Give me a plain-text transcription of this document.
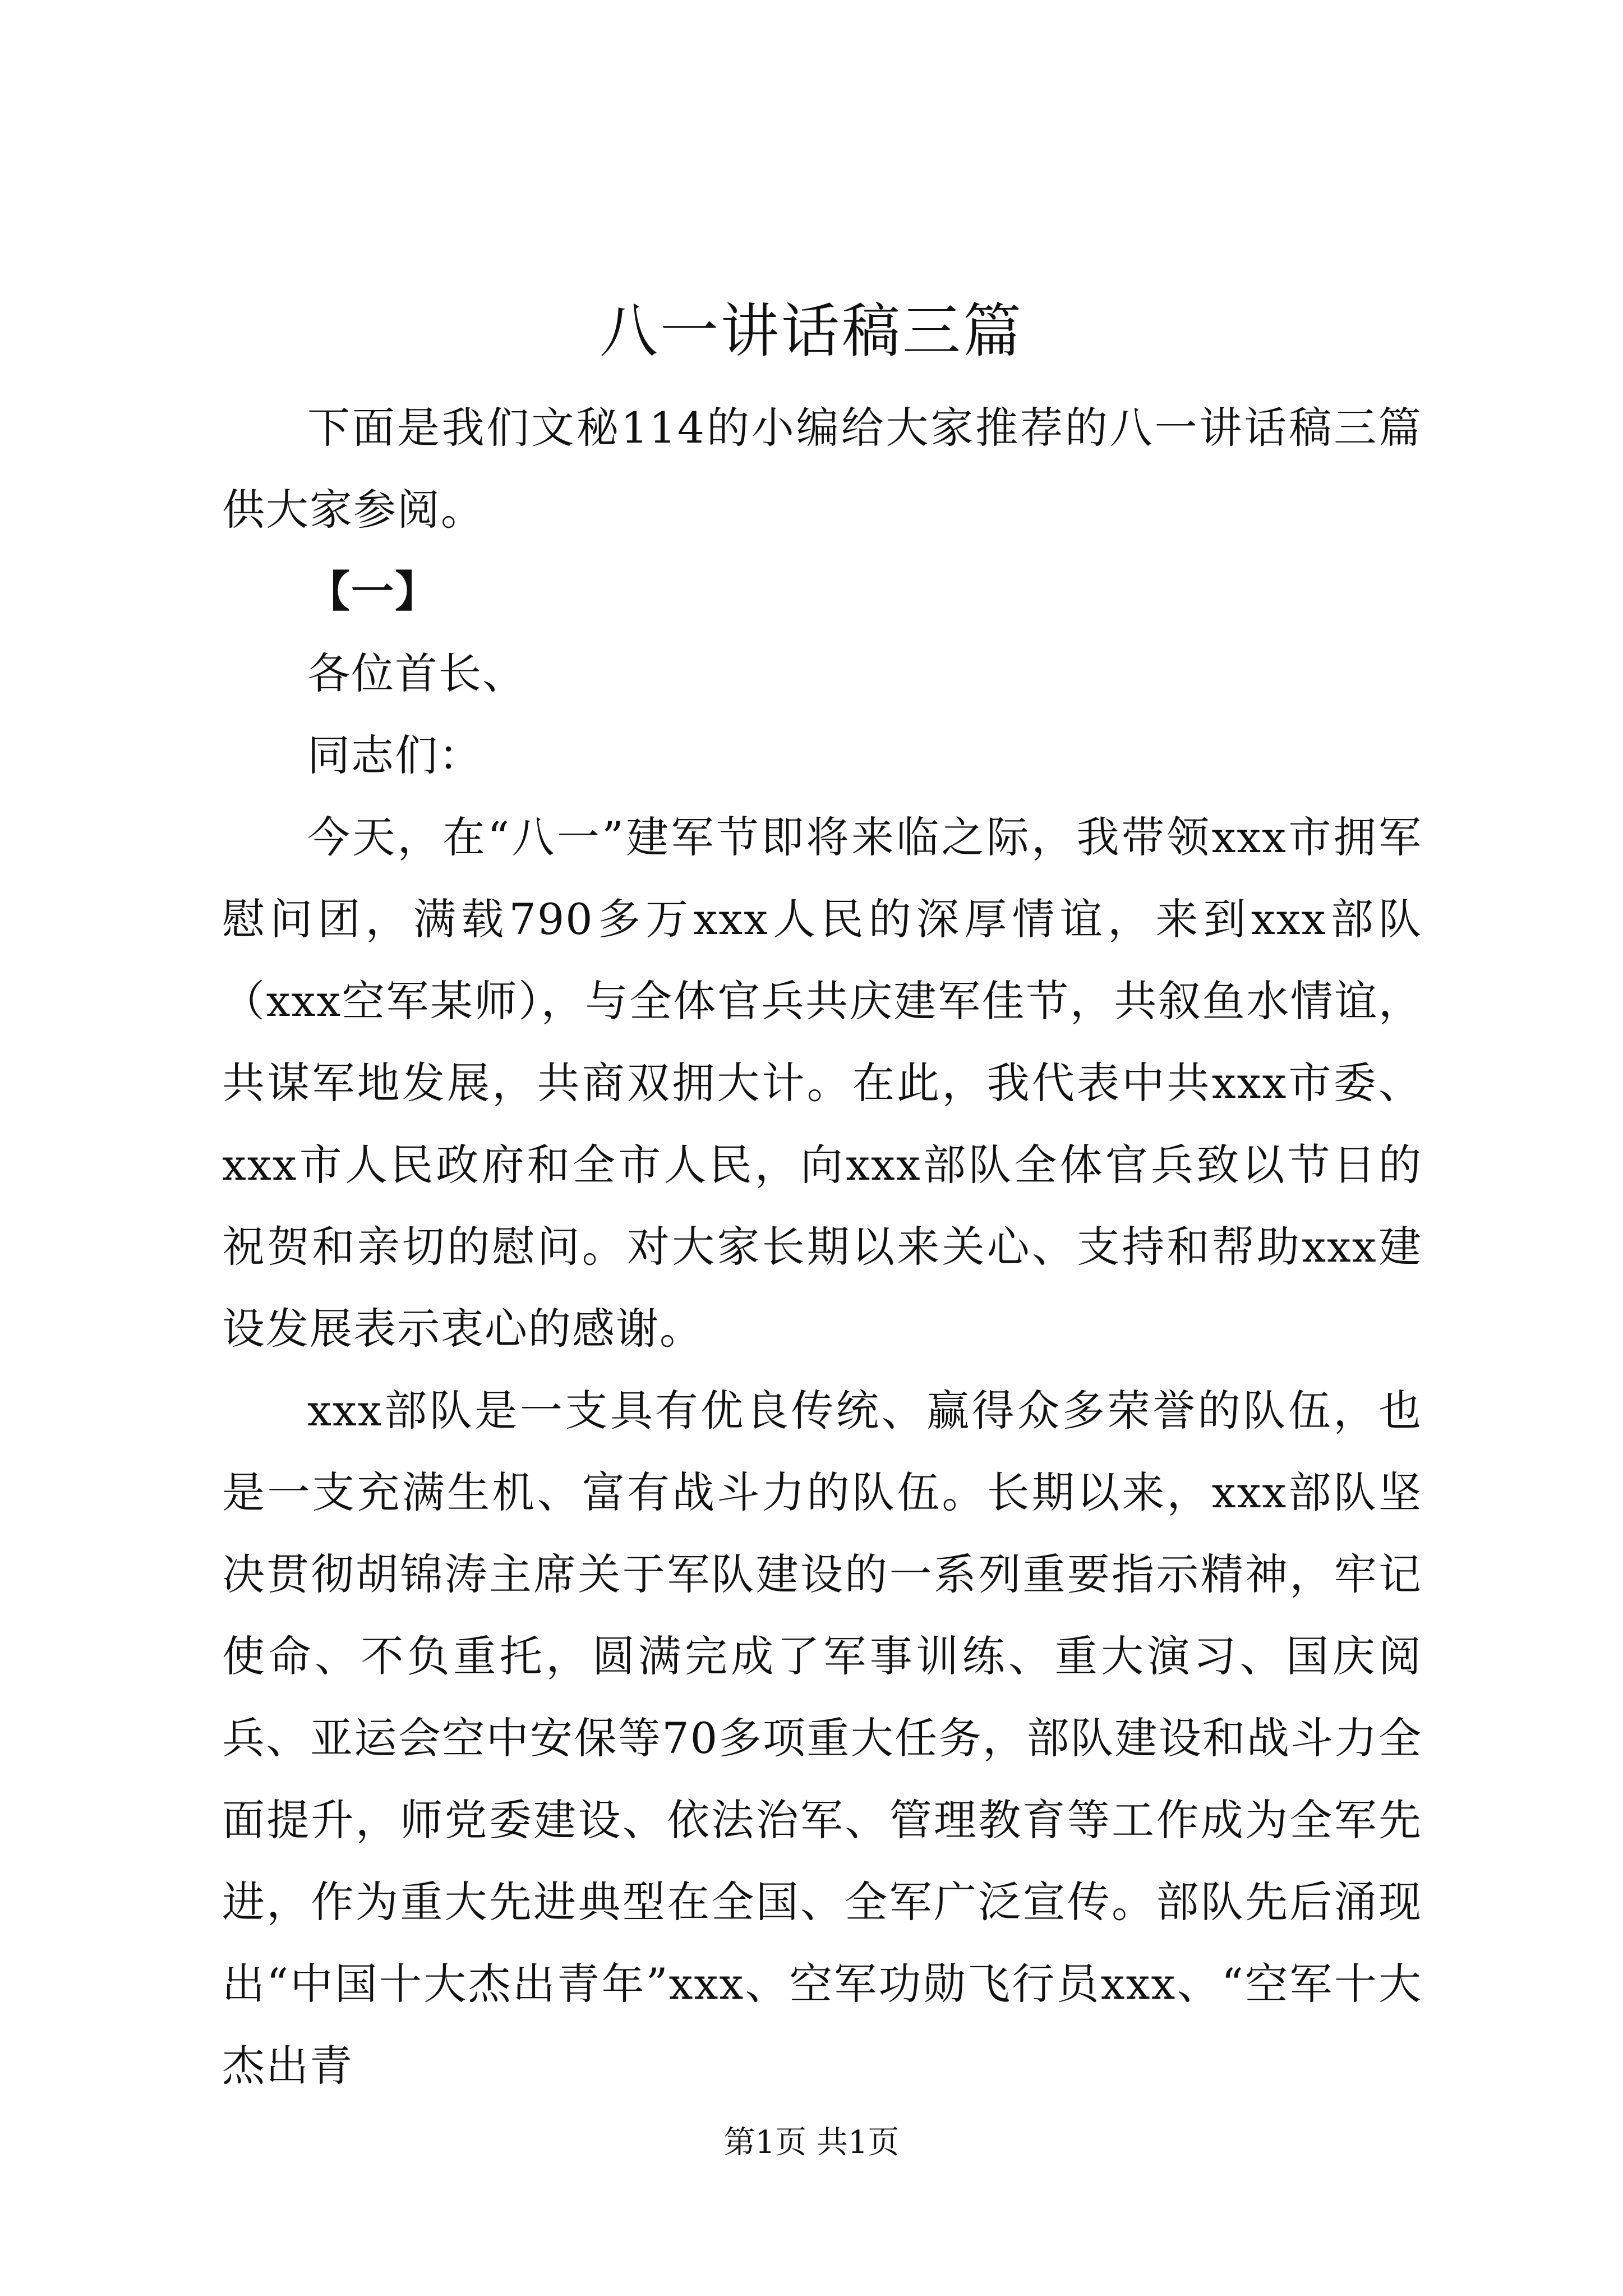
八一讲话稿三篇

下面是我们文秘114的小编给大家推荐的八一讲话稿三篇供大家参阅。

【一】

各位首长、

同志们：

今天，在“八一”建军节即将来临之际，我带领xxx市拥军慰问团，满载790多万xxx人民的深厚情谊，来到xxx部队（xxx空军某师），与全体官兵共庆建军佳节，共叙鱼水情谊，共谋军地发展，共商双拥大计。在此，我代表中共xxx市委、xxx市人民政府和全市人民，向xxx部队全体官兵致以节日的祝贺和亲切的慰问。对大家长期以来关心、支持和帮助xxx建设发展表示衷心的感谢。

xxx部队是一支具有优良传统、赢得众多荣誉的队伍，也是一支充满生机、富有战斗力的队伍。长期以来，xxx部队坚决贯彻胡锦涛主席关于军队建设的一系列重要指示精神，牢记使命、不负重托，圆满完成了军事训练、重大演习、国庆阅兵、亚运会空中安保等70多项重大任务，部队建设和战斗力全面提升，师党委建设、依法治军、管理教育等工作成为全军先进，作为重大先进典型在全国、全军广泛宣传。部队先后涌现出“中国十大杰出青年”xxx、空军功勋飞行员xxx、“空军十大杰出青

第1页 共1页
